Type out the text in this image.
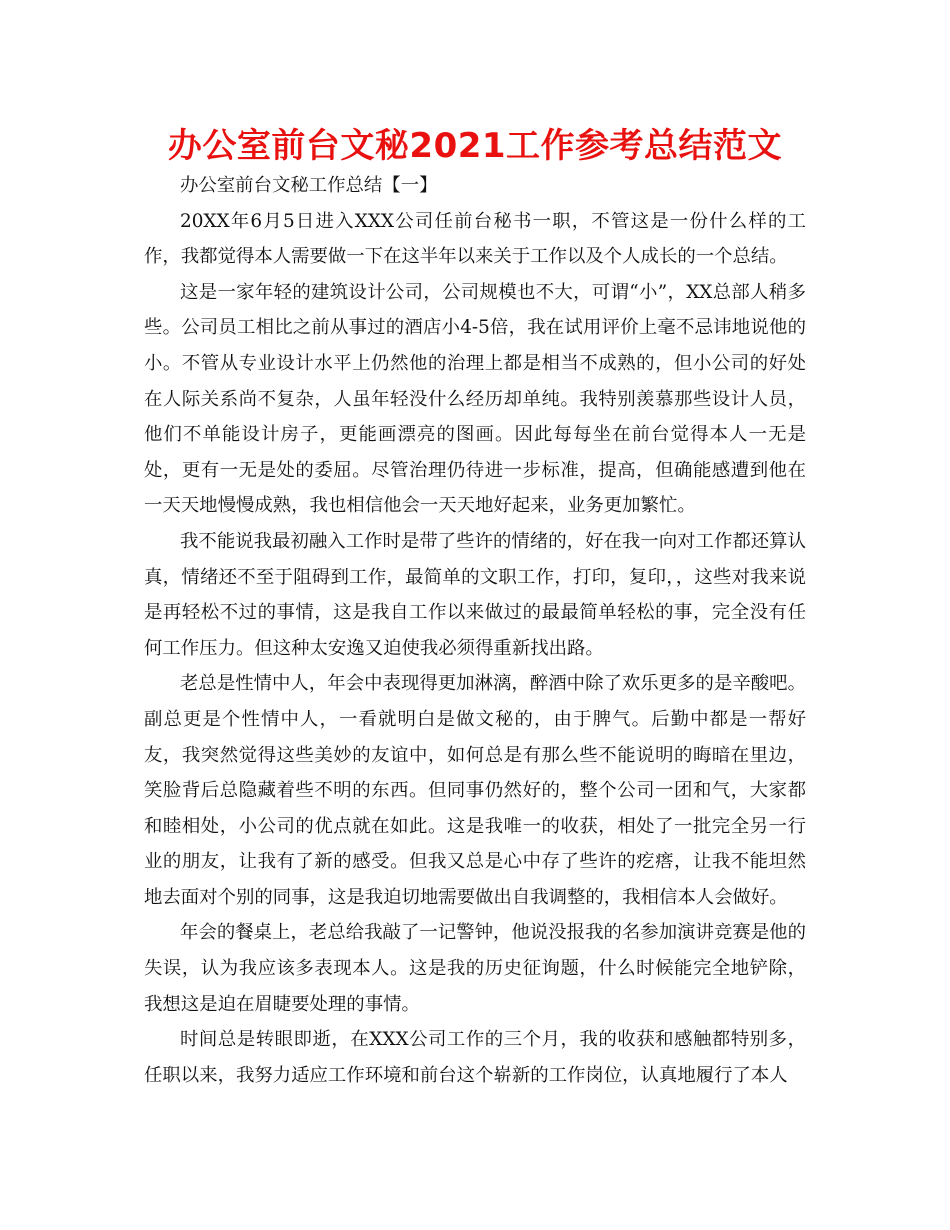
办公室前台文秘2021工作参考总结范文

办公室前台文秘工作总结【一】

20XX年6月5日进入XXX公司任前台秘书一职，不管这是一份什么样的工作，我都觉得本人需要做一下在这半年以来关于工作以及个人成长的一个总结。

这是一家年轻的建筑设计公司，公司规模也不大，可谓“小”，XX总部人稍多些。公司员工相比之前从事过的酒店小4-5倍，我在试用评价上毫不忌讳地说他的小。不管从专业设计水平上仍然他的治理上都是相当不成熟的，但小公司的好处在人际关系尚不复杂，人虽年轻没什么经历却单纯。我特别羡慕那些设计人员，他们不单能设计房子，更能画漂亮的图画。因此每每坐在前台觉得本人一无是处，更有一无是处的委屈。尽管治理仍待进一步标准，提高，但确能感遭到他在一天天地慢慢成熟，我也相信他会一天天地好起来，业务更加繁忙。

我不能说我最初融入工作时是带了些许的情绪的，好在我一向对工作都还算认真，情绪还不至于阻碍到工作，最简单的文职工作，打印，复印，，这些对我来说是再轻松不过的事情，这是我自工作以来做过的最最简单轻松的事，完全没有任何工作压力。但这种太安逸又迫使我必须得重新找出路。

老总是性情中人，年会中表现得更加淋漓，醉酒中除了欢乐更多的是辛酸吧。副总更是个性情中人，一看就明白是做文秘的，由于脾气。后勤中都是一帮好友，我突然觉得这些美妙的友谊中，如何总是有那么些不能说明的晦暗在里边，笑脸背后总隐藏着些不明的东西。但同事仍然好的，整个公司一团和气，大家都和睦相处，小公司的优点就在如此。这是我唯一的收获，相处了一批完全另一行业的朋友，让我有了新的感受。但我又总是心中存了些许的疙瘩，让我不能坦然地去面对个别的同事，这是我迫切地需要做出自我调整的，我相信本人会做好。

年会的餐桌上，老总给我敲了一记警钟，他说没报我的名参加演讲竞赛是他的失误，认为我应该多表现本人。这是我的历史征询题，什么时候能完全地铲除，我想这是迫在眉睫要处理的事情。

时间总是转眼即逝，在XXX公司工作的三个月，我的收获和感触都特别多，任职以来，我努力适应工作环境和前台这个崭新的工作岗位，认真地履行了本人
